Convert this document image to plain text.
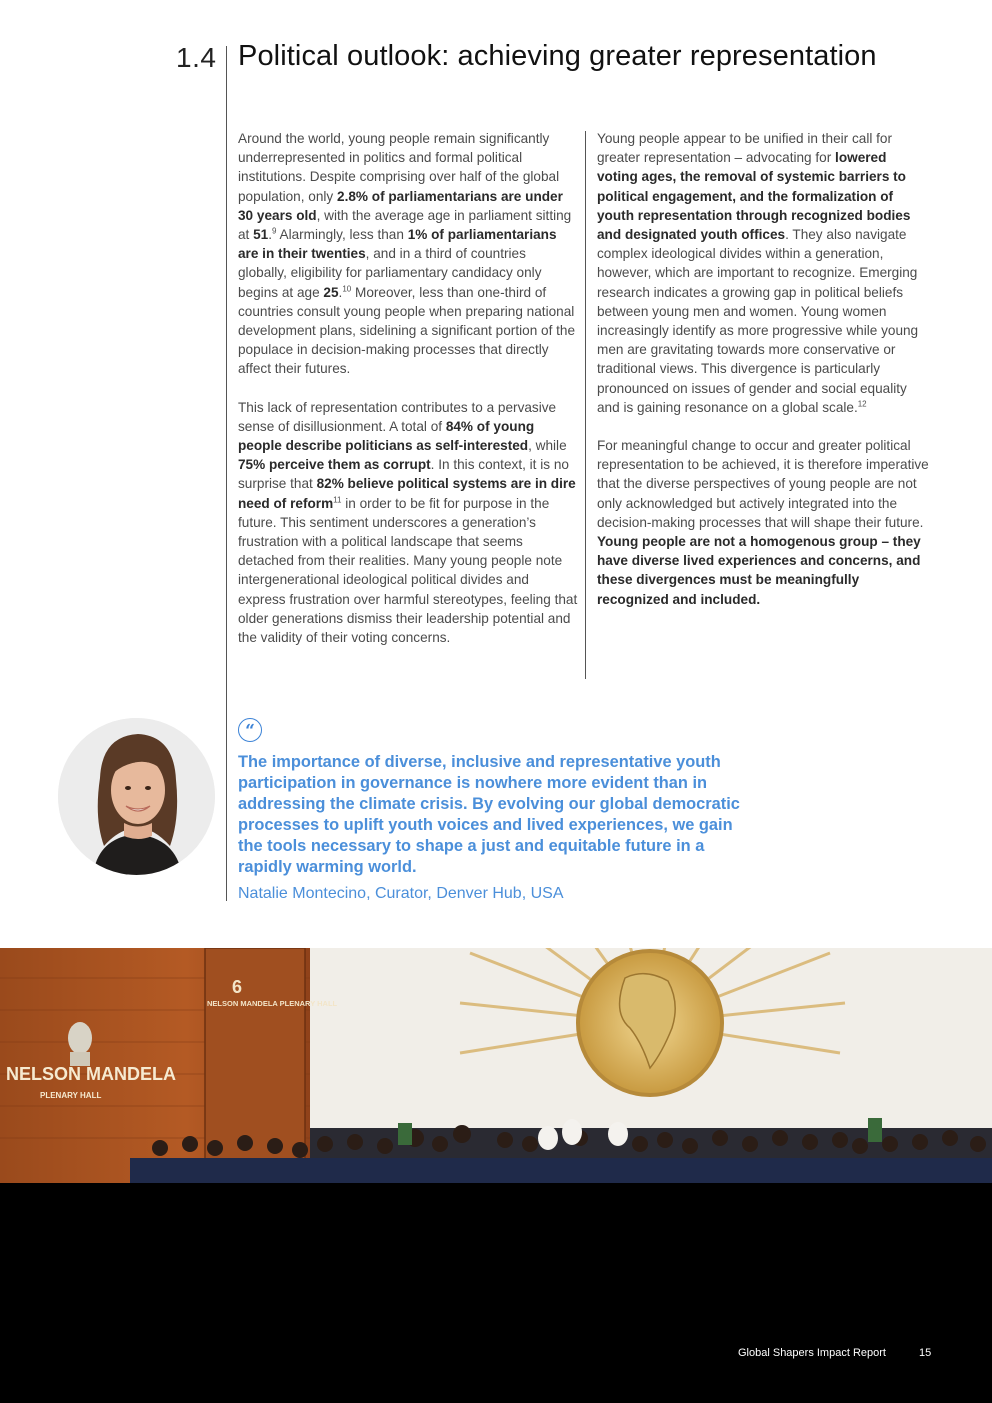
1.4 Political outlook: achieving greater representation

Around the world, young people remain significantly underrepresented in politics and formal political institutions. Despite comprising over half of the global population, only 2.8% of parliamentarians are under 30 years old, with the average age in parliament sitting at 51.$^9$ Alarmingly, less than 1% of parliamentarians are in their twenties, and in a third of countries globally, eligibility for parliamentary candidacy only begins at age 25.10 Moreover, less than one-third of countries consult young people when preparing national development plans, sidelining a significant portion of the populace in decision-making processes that directly affect their futures.

This lack of representation contributes to a pervasive sense of disillusionment. A total of 84% of young people describe politicians as self-interested, while 75% perceive them as corrupt. In this context, it is no surprise that 82% believe political systems are in dire need of reform$^{11}$ in order to be fit for purpose in the future. This sentiment underscores a generation’s frustration with a political landscape that seems detached from their realities. Many young people note intergenerational ideological political divides and express frustration over harmful stereotypes, feeling that older generations dismiss their leadership potential and the validity of their voting concerns.

Young people appear to be unified in their call for greater representation – advocating for lowered voting ages, the removal of systemic barriers to political engagement, and the formalization of youth representation through recognized bodies and designated youth offices. They also navigate complex ideological divides within a generation, however, which are important to recognize. Emerging research indicates a growing gap in political beliefs between young men and women. Young women increasingly identify as more progressive while young men are gravitating towards more conservative or traditional views. This divergence is particularly pronounced on issues of gender and social equality and is gaining resonance on a global scale.$^{12}$

For meaningful change to occur and greater political representation to be achieved, it is therefore imperative that the diverse perspectives of young people are not only acknowledged but actively integrated into the decision-making processes that will shape their future. Young people are not a homogenous group – they have diverse lived experiences and concerns, and these divergences must be meaningfully recognized and included.

“
The importance of diverse, inclusive and representative youth participation in governance is nowhere more evident than in addressing the climate crisis. By evolving our global democratic processes to uplift youth voices and lived experiences, we gain the tools necessary to shape a just and equitable future in a rapidly warming world.
Natalie Montecino, Curator, Denver Hub, USA
6
NELSON MANDELA PLENARY HALL
NELSON MANDELA
PLENARY HALL
Global Shapers Impact Report	15
